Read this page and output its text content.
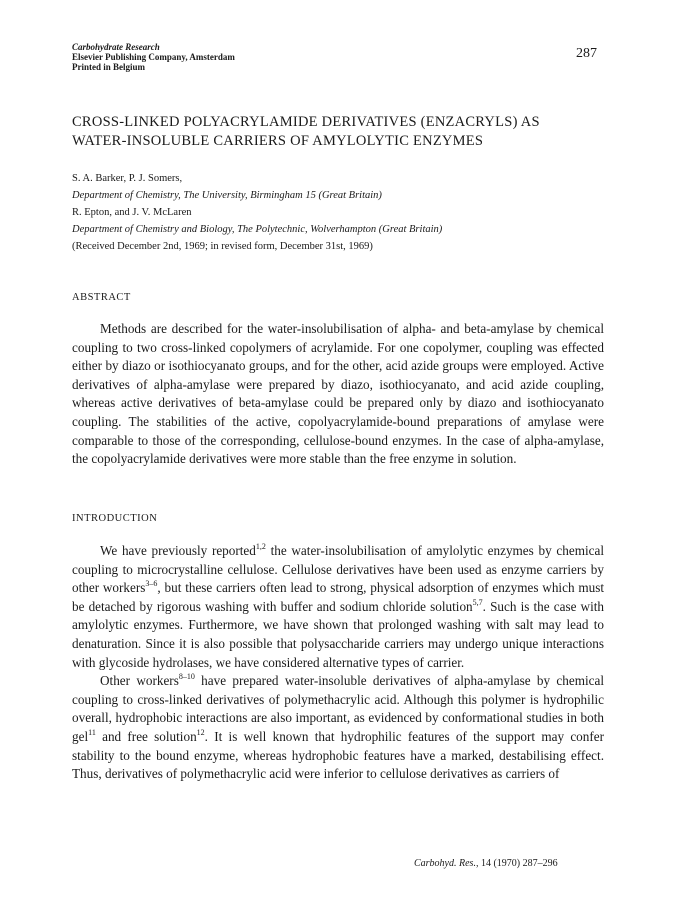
Carbohydrate Research
Elsevier Publishing Company, Amsterdam
Printed in Belgium
287
CROSS-LINKED POLYACRYLAMIDE DERIVATIVES (ENZACRYLS) AS
WATER-INSOLUBLE CARRIERS OF AMYLOLYTIC ENZYMES
S. A. Barker, P. J. Somers,
Department of Chemistry, The University, Birmingham 15 (Great Britain)
R. Epton, and J. V. McLaren
Department of Chemistry and Biology, The Polytechnic, Wolverhampton (Great Britain)
(Received December 2nd, 1969; in revised form, December 31st, 1969)
ABSTRACT

Methods are described for the water-insolubilisation of alpha- and beta-amylase by chemical coupling to two cross-linked copolymers of acrylamide. For one copolymer, coupling was effected either by diazo or isothiocyanato groups, and for the other, acid azide groups were employed. Active derivatives of alpha-amylase were prepared by diazo, isothiocyanato, and acid azide coupling, whereas active derivatives of beta-amylase could be prepared only by diazo and isothiocyanato coupling. The stabilities of the active, copolyacrylamide-bound preparations of amylase were comparable to those of the corresponding, cellulose-bound enzymes. In the case of alpha-amylase, the copolyacrylamide derivatives were more stable than the free enzyme in solution.

INTRODUCTION

We have previously reported$^{1,2}$ the water-insolubilisation of amylolytic enzymes by chemical coupling to microcrystalline cellulose. Cellulose derivatives have been used as enzyme carriers by other workers$^{3-6}$, but these carriers often lead to strong, physical adsorption of enzymes which must be detached by rigorous washing with buffer and sodium chloride solution$^{5,7}$. Such is the case with amylolytic enzymes. Furthermore, we have shown that prolonged washing with salt may lead to denaturation. Since it is also possible that polysaccharide carriers may undergo unique interactions with glycoside hydrolases, we have considered alternative types of carrier.

Other workers$^{8-10}$ have prepared water-insoluble derivatives of alpha-amylase by chemical coupling to cross-linked derivatives of polymethacrylic acid. Although this polymer is hydrophilic overall, hydrophobic interactions are also important, as evidenced by conformational studies in both gel$^{11}$ and free solution$^{12}$. It is well known that hydrophilic features of the support may confer stability to the bound enzyme, whereas hydrophobic features have a marked, destabilising effect. Thus, derivatives of polymethacrylic acid were inferior to cellulose derivatives as carriers of

Carbohyd. Res., 14 (1970) 287–296
